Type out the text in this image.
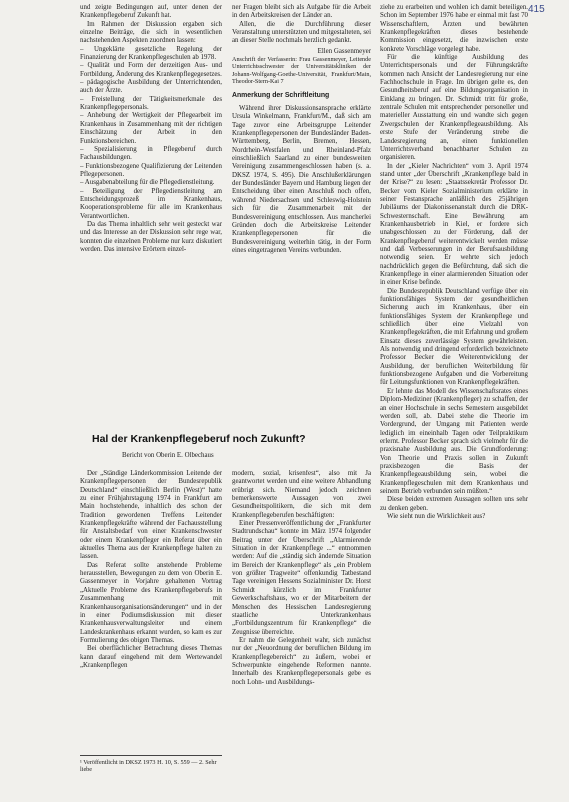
415

und zeigte Bedingungen auf, unter denen der Krankenpflegeberuf Zukunft hat.

Im Rahmen der Diskussion ergaben sich einzelne Beiträge, die sich in wesentlichen nachstehenden Aspekten zuordnen lassen:

– Ungeklärte gesetzliche Regelung der Finanzierung der Krankenpflegeschulen ab 1978.

– Qualität und Form der derzeitigen Aus- und Fortbildung, Änderung des Krankenpflegegesetzes.

– pädagogische Ausbildung der Unterrichtenden, auch der Ärzte.

– Freistellung der Tätigkeitsmerkmale des Krankenpflegepersonals.

– Anhebung der Wertigkeit der Pflegearbeit im Krankenhaus in Zusammenhang mit der richtigen Einschätzung der Arbeit in den Funktionsbereichen.

– Spezialisierung in Pflegeberuf durch Fachausbildungen.

– Funktionsbezogene Qualifizierung der Leitenden Pflegepersonen.

– Ausgabenabteilung für die Pflegedienstleitung.

– Beteiligung der Pflegedienstleitung am Entscheidungsprozeß im Krankenhaus, Kooperationsprobleme für alle im Krankenhaus Verantwortlichen.

Da das Thema inhaltlich sehr weit gesteckt war und das Interesse an der Diskussion sehr rege war, konnten die einzelnen Probleme nur kurz diskutiert werden. Das intensive Erörtern einzel-

ner Fragen bleibt sich als Aufgabe für die Arbeit in den Arbeitskreisen der Länder an.

Allen, die die Durchführung dieser Veranstaltung unterstützten und mitgestalteten, sei an dieser Stelle nochmals herzlich gedankt.

Ellen Gassenmeyer

Anschrift der Verfasserin: Frau Gassenmeyer, Leitende Unterrichtsschwester der Universitätskliniken der Johann-Wolfgang-Goethe-Universität, Frankfurt/Main, Theodor-Stern-Kai 7

Anmerkung der Schriftleitung

Während ihrer Diskussionsansprache erklärte Ursula Winkelmann, Frankfurt/M., daß sich am Tage zuvor eine Arbeitsgruppe Leitender Krankenpflegepersonen der Bundesländer Baden-Württemberg, Berlin, Bremen, Hessen, Nordrhein-Westfalen und Rheinland-Pfalz einschließlich Saarland zu einer bundesweiten Vereinigung zusammengeschlossen haben (s. a. DKSZ 1974, S. 495). Die Anschlußerklärungen der Bundesländer Bayern und Hamburg liegen der Entscheidung über einen Anschluß noch offen, während Niedersachsen und Schleswig-Holstein sich für die Zusammenarbeit mit der Bundesvereinigung entschlossen. Aus mancherlei Gründen doch die Arbeitskreise Leitender Krankenpflegepersonen für die Bundesvereinigung weiterhin tätig, in der Form eines eingetragenen Vereins verbunden.

ziehe zu erarbeiten und wohlen ich damit beteiligen. Schon im September 1976 habe er einmal mit fast 70 Wissenschaftlern, Ärzten und bewährten Krankenpflegekräften dieses bestehende Kommission eingesetzt, die inzwischen erste konkrete Vorschläge vorgelegt habe.

Für die künftige Ausbildung des Unterrichtspersonals und der Führungskräfte kommen nach Ansicht der Landesregierung nur eine Fachhochschule in Frage. Im übrigen gelte es, den Gesundheitsberuf auf eine Bildungsorganisation in Einklang zu bringen. Dr. Schmidt tritt für große, zentrale Schulen mit entsprechender personeller und materieller Ausstattung ein und wandte sich gegen Zwergschulen der Krankenpflegeausbildung. Als erste Stufe der Veränderung strebe die Landesregierung an, einen funktionellen Unterrichtsverband benachbarter Schulen zu organisieren.

In der „Kieler Nachrichten“ vom 3. April 1974 stand unter „der Überschrift „Krankenpflege bald in der Krise?“ zu lesen: „Staatssekretär Professor Dr. Becker vom Kieler Sozialministerium erklärte in seiner Festansprache anläßlich des 25jährigen Jubiläums der Diakonissenanstalt durch die DRK-Schwesternschaft. Eine Bewährung am Krankenhausbetrieb in Kiel, er fordere sich unabgeschlossen zu der Förderung, daß der Krankenpflegeberuf weiterentwickelt werden müsse und daß Verbesserungen in der Berufsausbildung notwendig seien. Er wehrte sich jedoch nachdrücklich gegen die Befürchtung, daß sich die Krankenpflege in einer alarmierenden Situation oder in einer Krise befinde.

Die Bundesrepublik Deutschland verfüge über ein funktionsfähiges System der gesundheitlichen Sicherung auch im Krankenhaus, über ein funktionsfähiges System der Krankenpflege und schließlich über eine Vielzahl von Krankenpflegekräften, die mit Erfahrung und großem Einsatz dieses zuverlässige System gewährleisten. Als notwendig und dringend erforderlich bezeichnete Professor Becker die Weiterentwicklung der Ausbildung, der beruflichen Weiterbildung für funktionsbezogene Aufgaben und die Vorbereitung für Leitungsfunktionen von Krankenpflegekräften.

Er lehnte das Modell des Wissenschaftsrates eines Diplom-Mediziner (Krankenpfleger) zu schaffen, der an einer Hochschule in sechs Semestern ausgebildet werden soll, ab. Dabei stehe die Theorie im Vordergrund, der Umgang mit Patienten werde lediglich im eineinhalb Tagen oder Teilpraktikum erlernt. Professor Becker sprach sich vielmehr für die praxisnahe Ausbildung aus. Die Grundforderung: Von Theorie und Praxis sollen in Zukunft praxisbezogen die Basis der Krankenpflegeausbildung sein, wobei die Krankenpflegeschulen mit dem Krankenhaus und seinem Betrieb verbunden sein müßten.“

Diese beiden extremen Aussagen sollten uns sehr zu denken geben.

Wie sieht nun die Wirklichkeit aus?

Hal der Krankenpflegeberuf noch Zukunft?
Bericht von Oberin E. Olbechaus

Der „Ständige Länderkommission Leitende der Krankenpflegepersonen der Bundesrepublik Deutschland“ einschließlich Berlin (West)“ hatte zu einer Frühjahrstagung 1974 in Frankfurt am Main hochstehende, inhaltlich des schon der Tradition gewordenen Treffens Leitender Krankenpflegekräfte während der Fachausstellung für Anstaltsbedarf von einer Krankenschwester oder einem Krankenpfleger ein Referat über ein aktuelles Thema aus der Krankenpflege halten zu lassen.

Das Referat sollte anstehende Probleme herausstellen, Bewegungen zu dem von Oberin E. Gassenmeyer in Vorjahre gehaltenen Vortrag „Aktuelle Probleme des Krankenpflegeberufs in Zusammenhang mit Krankenhausorganisationsänderungen“ und in der in einer Podiumsdiskussion mit dieser Krankenhausverwaltungsleiter und einem Landeskrankenhaus erkannt wurden, so kam es zur Formulierung des obigen Themas.

Bei oberflächlicher Betrachtung dieses Themas kann darauf eingehend mit dem Wertewandel „Krankenpflegen

modern, sozial, krisenfest“, also mit Ja geantwortet werden und eine weitere Abhandlung erübrigt sich. Niemand jedoch zeichnen bemerkenswerte Aussagen von zwei Gesundheitspolitikern, die sich mit dem Krankenpflegeberufen beschäftigten:

Einer Pressenveröffentlichung der „Frankfurter Stadtrundschau“ konnte im März 1974 folgender Beitrag unter der Überschrift „Alarmierende Situation in der Krankenpflege ...“ entnommen werden: Auf die „ständig sich ändernde Situation im Bereich der Krankenpflege“ als „ein Problem von größter Tragweite“ offenkundig Tatbestand Tage vereinigen Hessens Sozialminister Dr. Horst Schmidt kürzlich im Frankfurter Gewerkschaftshaus, wo er der Mitarbeitern der Menschen des Hessischen Landesregierung staatliche Unterkrankenhaus „Fortbildungszentrum für Krankenpflege“ die Zeugnisse überreichte.

Er nahm die Gelegenheit wahr, sich zunächst nur der „Neuordnung der beruflichen Bildung im Krankenpflegebereich“ zu äußern, wobei er Schwerpunkte eingehende Reformen nannte. Innerhalb des Krankenpflegepersonals gebe es noch Lohn- und Ausbildungs-

¹ Veröffentlicht in DKSZ 1973 H. 10, S. 559 — 2. Sehr liebe
